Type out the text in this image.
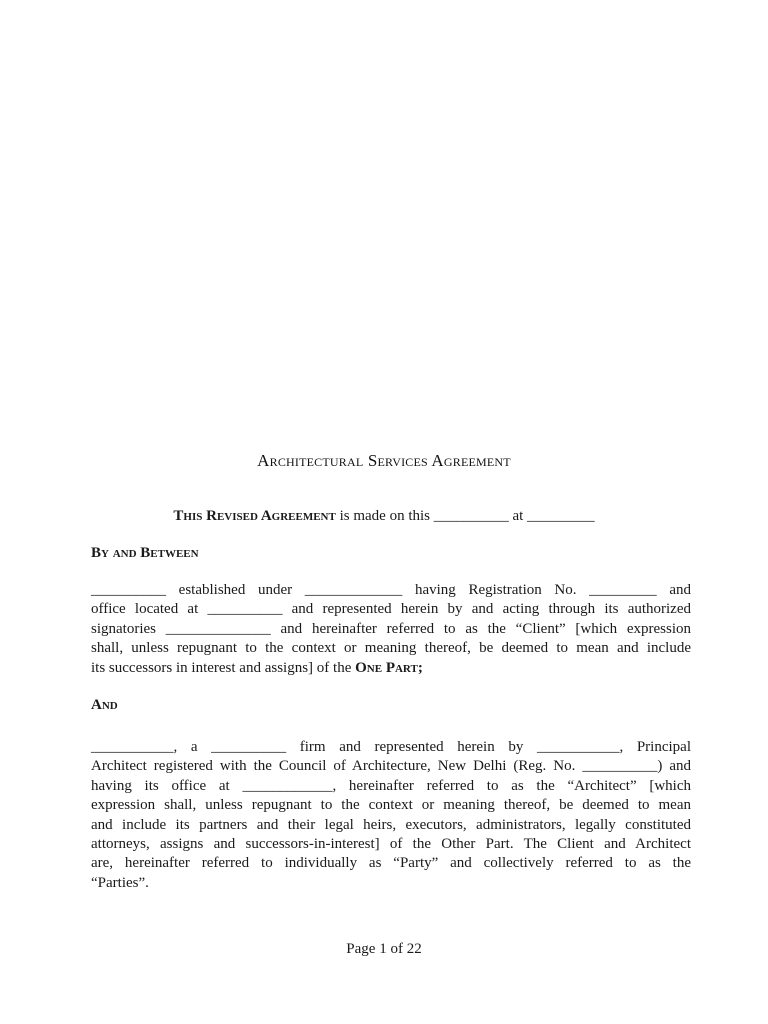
Architectural Services Agreement
This Revised Agreement is made on this __________ at _________
By and Between
__________ established under _____________ having Registration No. _________ and
office located at __________ and represented herein by and acting through its authorized
signatories ______________ and hereinafter referred to as the “Client” [which expression
shall, unless repugnant to the context or meaning thereof, be deemed to mean and include
its successors in interest and assigns] of the One Part;
And
___________, a __________ firm and represented herein by ___________, Principal
Architect registered with the Council of Architecture, New Delhi (Reg. No. __________) and
having its office at ____________, hereinafter referred to as the “Architect” [which
expression shall, unless repugnant to the context or meaning thereof, be deemed to mean
and include its partners and their legal heirs, executors, administrators, legally constituted
attorneys, assigns and successors-in-interest] of the Other Part. The Client and Architect
are, hereinafter referred to individually as “Party” and collectively referred to as the
“Parties”.
Page 1 of 22
